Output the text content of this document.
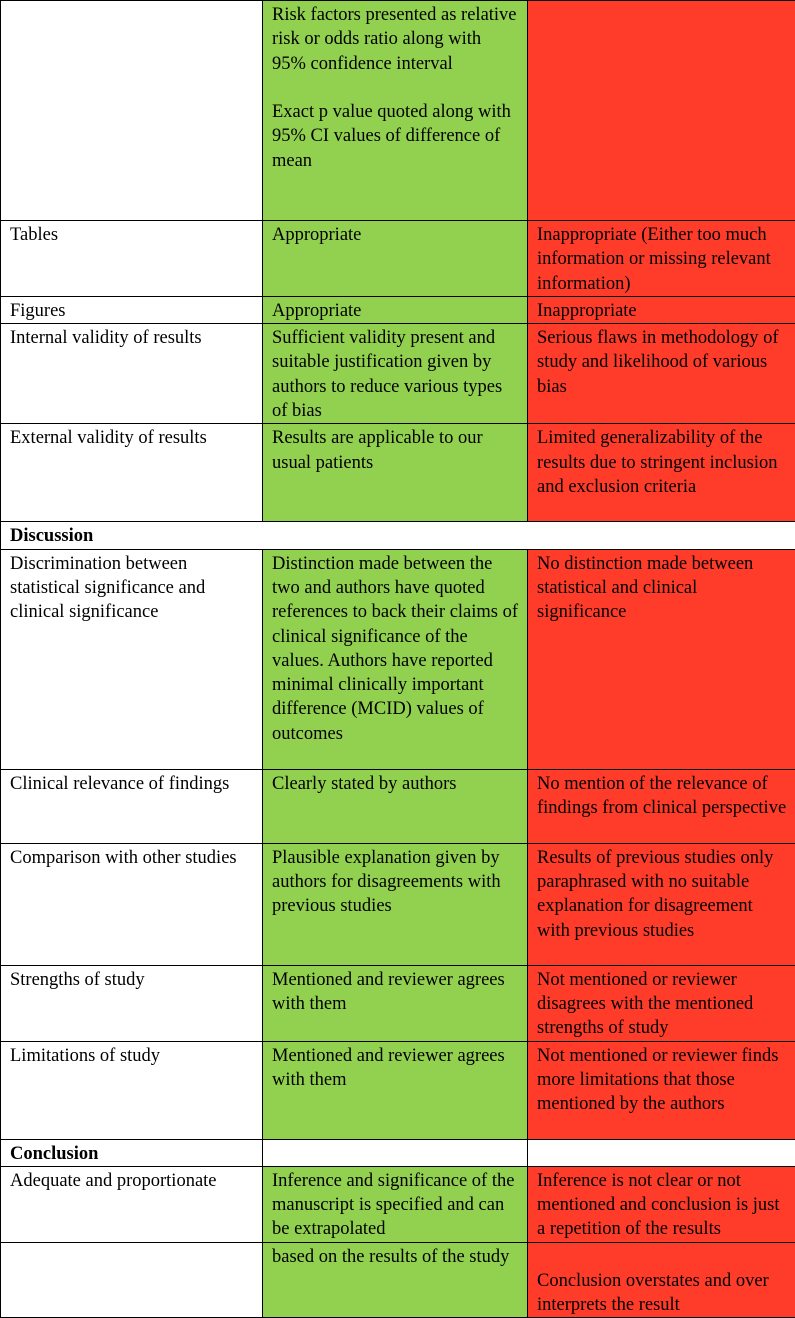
	Risk factors presented as relative risk or odds ratio along with 95% confidence interval
Exact p value quoted along with 95% CI values of difference of mean	

Tables	Appropriate	Inappropriate (Either too much information or missing relevant information)
Figures	Appropriate	Inappropriate
Internal validity of results	Sufficient validity present and suitable justification given by authors to reduce various types of bias	Serious flaws in methodology of study and likelihood of various bias
External validity of results	Results are applicable to our usual patients	Limited generalizability of the results due to stringent inclusion and exclusion criteria
Discussion		
Discrimination between statistical significance and clinical significance	Distinction made between the two and authors have quoted references to back their claims of clinical significance of the values. Authors have reported minimal clinically important difference (MCID) values of outcomes	No distinction made between statistical and clinical significance
Clinical relevance of findings	Clearly stated by authors	No mention of the relevance of findings from clinical perspective
Comparison with other studies	Plausible explanation given by authors for disagreements with previous studies	Results of previous studies only paraphrased with no suitable explanation for disagreement with previous studies
Strengths of study	Mentioned and reviewer agrees with them	Not mentioned or reviewer disagrees with the mentioned strengths of study
Limitations of study	Mentioned and reviewer agrees with them	Not mentioned or reviewer finds more limitations that those mentioned by the authors
Conclusion		
Adequate and proportionate	Inference and significance of the manuscript is specified and can be extrapolated	Inference is not clear or not mentioned and conclusion is just a repetition of the results
	based on the results of the study	Conclusion overstates and over interprets the result
